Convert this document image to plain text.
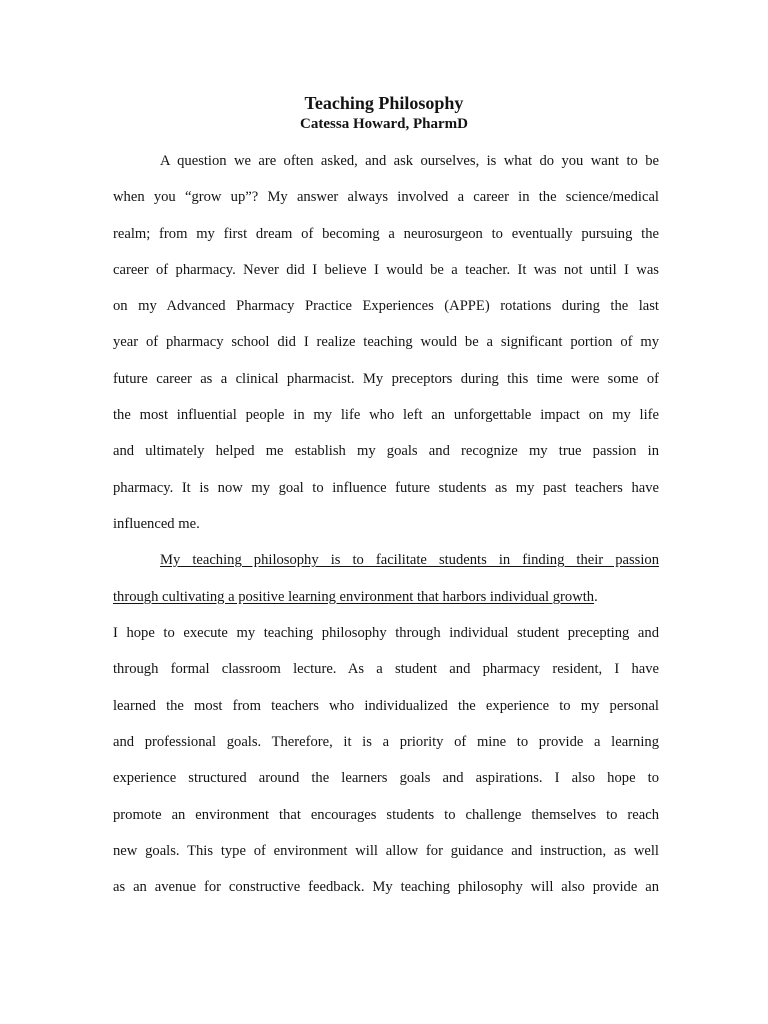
Teaching Philosophy
Catessa Howard, PharmD
A question we are often asked, and ask ourselves, is what do you want to be
when you “grow up”? My answer always involved a career in the science/medical
realm; from my first dream of becoming a neurosurgeon to eventually pursuing the
career of pharmacy. Never did I believe I would be a teacher. It was not until I was
on my Advanced Pharmacy Practice Experiences (APPE) rotations during the last
year of pharmacy school did I realize teaching would be a significant portion of my
future career as a clinical pharmacist. My preceptors during this time were some of
the most influential people in my life who left an unforgettable impact on my life
and ultimately helped me establish my goals and recognize my true passion in
pharmacy. It is now my goal to influence future students as my past teachers have
influenced me.
My teaching philosophy is to facilitate students in finding their passion
through cultivating a positive learning environment that harbors individual growth.
I hope to execute my teaching philosophy through individual student precepting and
through formal classroom lecture. As a student and pharmacy resident, I have
learned the most from teachers who individualized the experience to my personal
and professional goals. Therefore, it is a priority of mine to provide a learning
experience structured around the learners goals and aspirations. I also hope to
promote an environment that encourages students to challenge themselves to reach
new goals. This type of environment will allow for guidance and instruction, as well
as an avenue for constructive feedback. My teaching philosophy will also provide an
